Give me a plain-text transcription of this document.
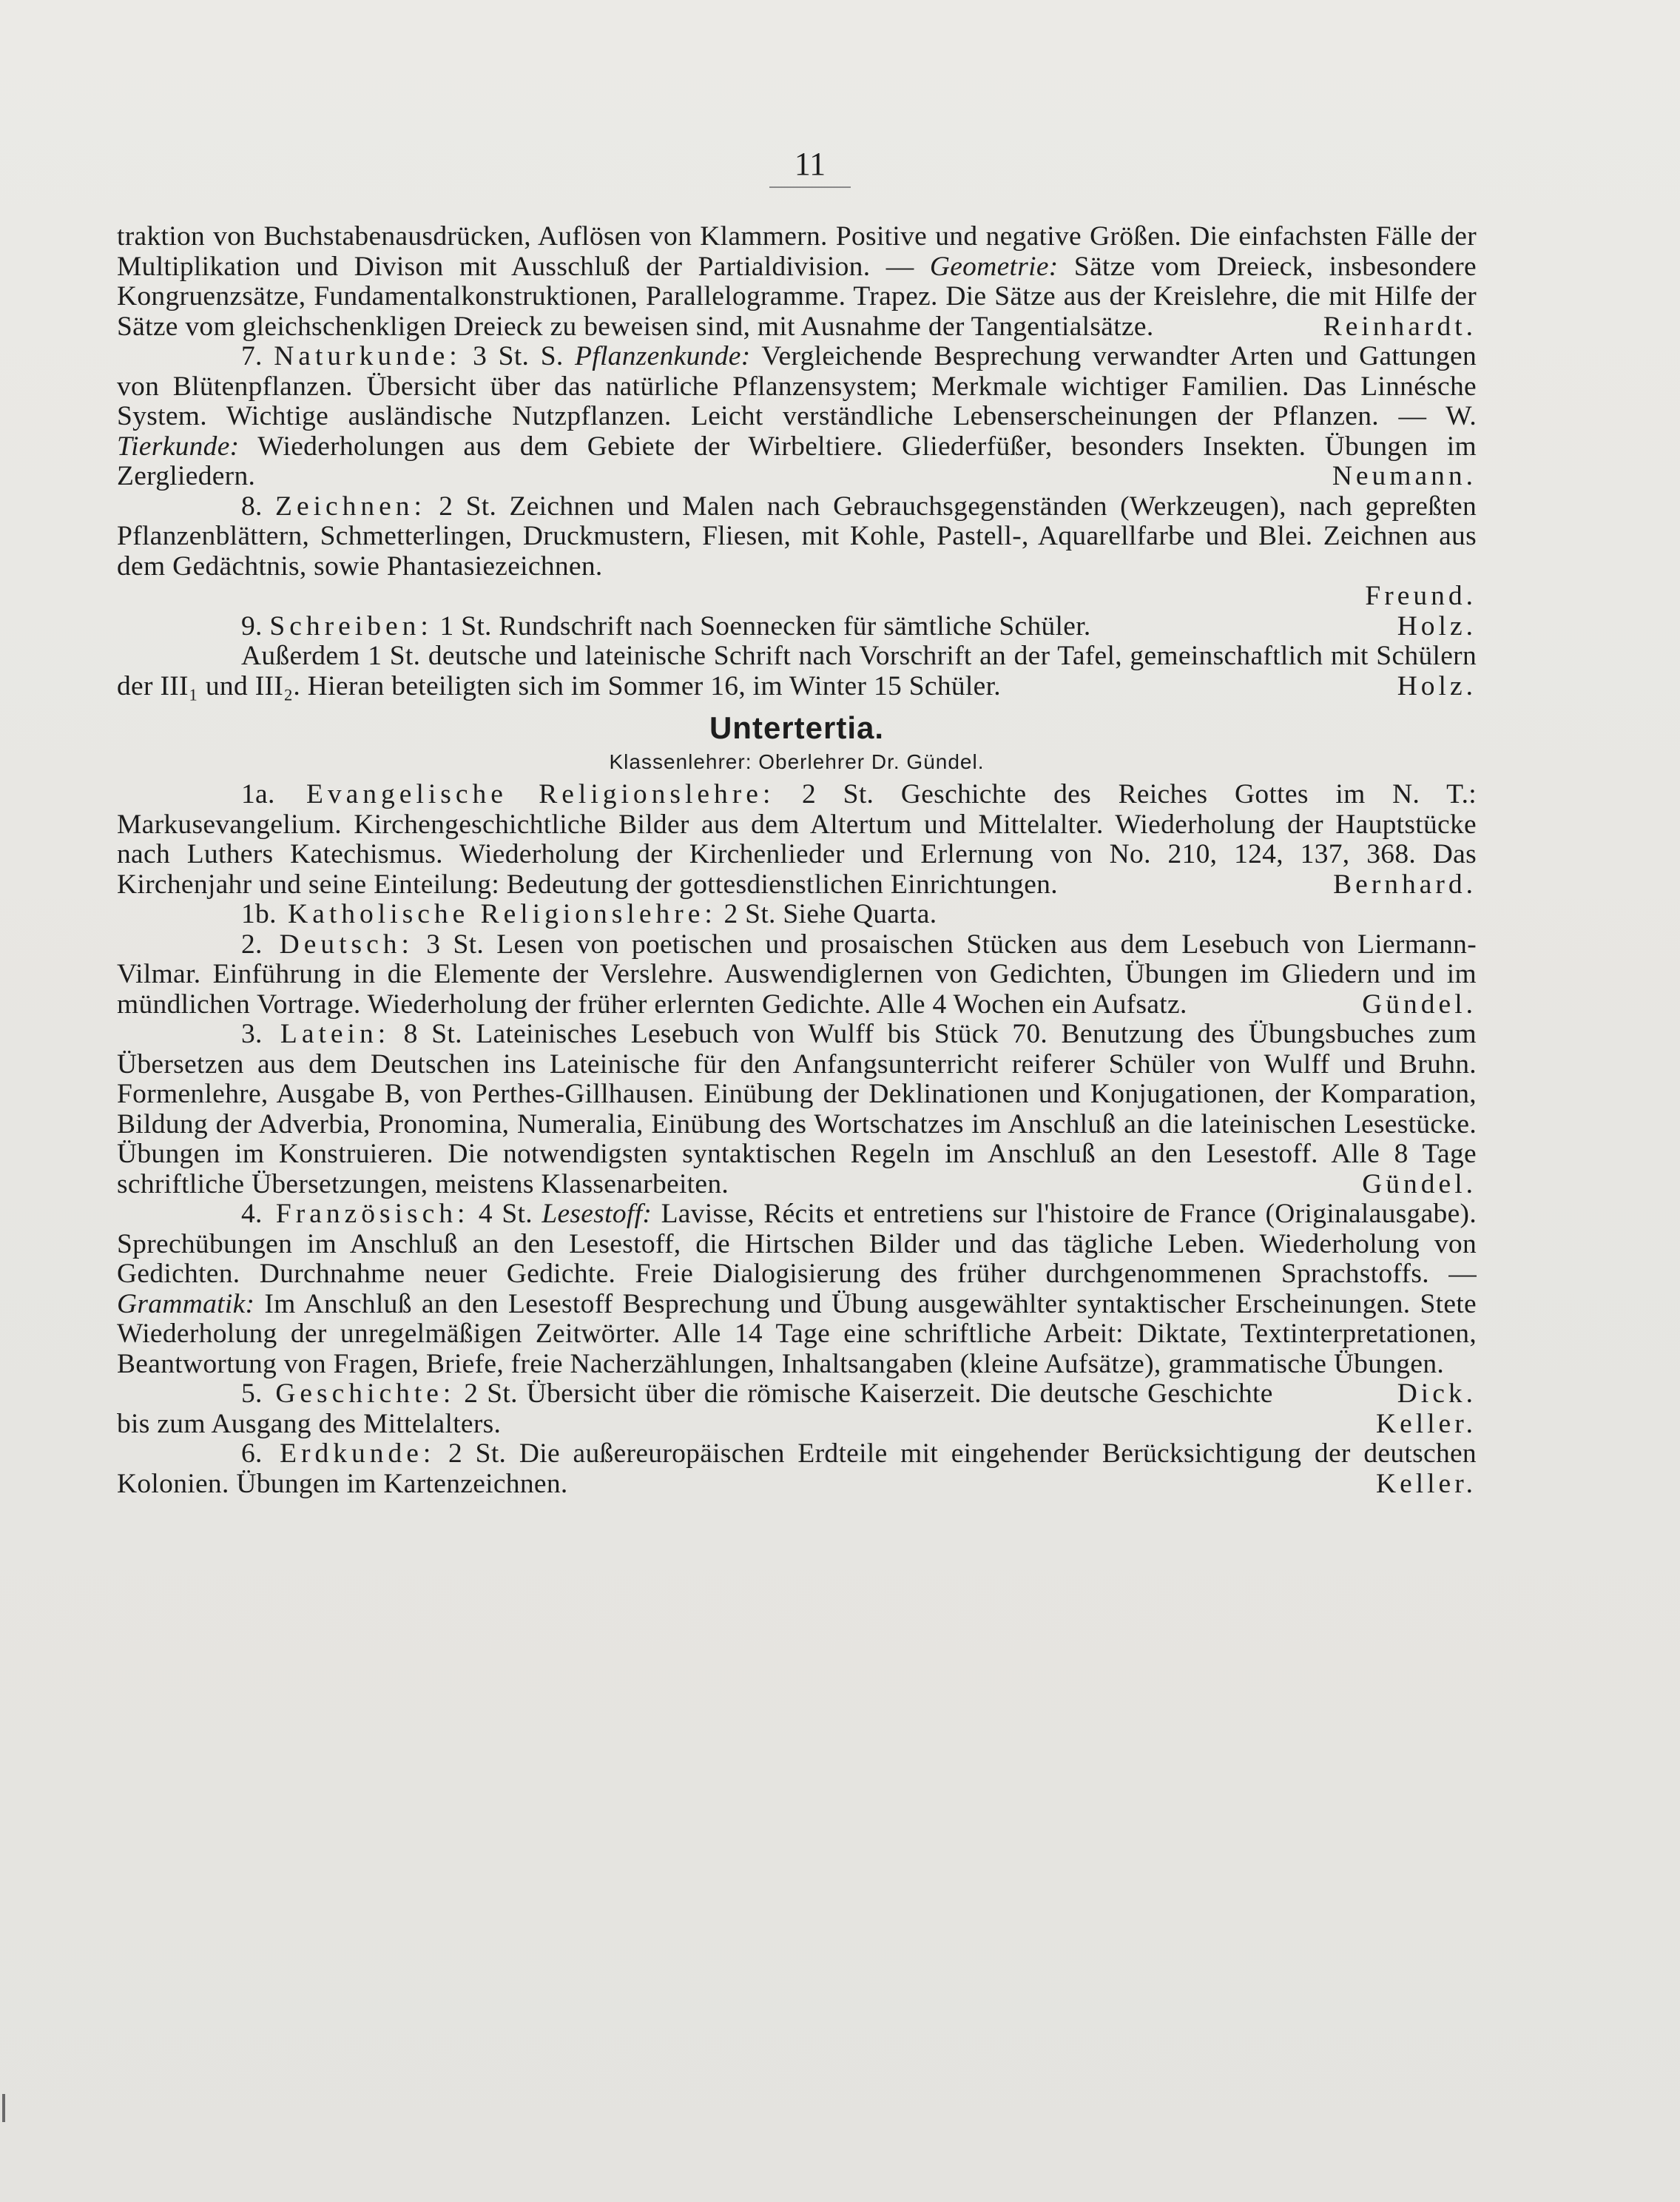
11

traktion von Buchstabenausdrücken, Auflösen von Klammern. Positive und negative Größen. Die einfachsten Fälle der Multiplikation und Divison mit Ausschluß der Partialdivision. — Geometrie: Sätze vom Dreieck, insbesondere Kongruenzsätze, Fundamentalkonstruktionen, Parallelogramme. Trapez. Die Sätze aus der Kreislehre, die mit Hilfe der Sätze vom gleichschenkligen Dreieck zu beweisen sind, mit Ausnahme der Tangentialsätze.	Reinhardt.

7. Naturkunde: 3 St. S. Pflanzenkunde: Vergleichende Besprechung verwandter Arten und Gattungen von Blütenpflanzen. Übersicht über das natürliche Pflanzensystem; Merkmale wichtiger Familien. Das Linnésche System. Wichtige ausländische Nutzpflanzen. Leicht verständliche Lebenserscheinungen der Pflanzen. — W. Tierkunde: Wiederholungen aus dem Gebiete der Wirbeltiere. Gliederfüßer, besonders Insekten. Übungen im Zergliedern.	Neumann.

8. Zeichnen: 2 St. Zeichnen und Malen nach Gebrauchsgegenständen (Werkzeugen), nach gepreßten Pflanzenblättern, Schmetterlingen, Druckmustern, Fliesen, mit Kohle, Pastell-, Aquarellfarbe und Blei. Zeichnen aus dem Gedächtnis, sowie Phantasiezeichnen.

Freund.

9. Schreiben: 1 St. Rundschrift nach Soennecken für sämtliche Schüler.	Holz.

Außerdem 1 St. deutsche und lateinische Schrift nach Vorschrift an der Tafel, gemeinschaftlich mit Schülern der III₁ und III₂. Hieran beteiligten sich im Sommer 16, im Winter 15 Schüler.	Holz.

Untertertia.
Klassenlehrer: Oberlehrer Dr. Gündel.

1a. Evangelische Religionslehre: 2 St. Geschichte des Reiches Gottes im N. T.: Markusevangelium. Kirchengeschichtliche Bilder aus dem Altertum und Mittelalter. Wiederholung der Hauptstücke nach Luthers Katechismus. Wiederholung der Kirchenlieder und Erlernung von No. 210, 124, 137, 368. Das Kirchenjahr und seine Einteilung: Bedeutung der gottesdienstlichen Einrichtungen.	Bernhard.

1b. Katholische Religionslehre: 2 St. Siehe Quarta.

2. Deutsch: 3 St. Lesen von poetischen und prosaischen Stücken aus dem Lesebuch von Liermann-Vilmar. Einführung in die Elemente der Verslehre. Auswendiglernen von Gedichten, Übungen im Gliedern und im mündlichen Vortrage. Wiederholung der früher erlernten Gedichte. Alle 4 Wochen ein Aufsatz.	Gündel.

3. Latein: 8 St. Lateinisches Lesebuch von Wulff bis Stück 70. Benutzung des Übungsbuches zum Übersetzen aus dem Deutschen ins Lateinische für den Anfangsunterricht reiferer Schüler von Wulff und Bruhn. Formenlehre, Ausgabe B, von Perthes-Gillhausen. Einübung der Deklinationen und Konjugationen, der Komparation, Bildung der Adverbia, Pronomina, Numeralia, Einübung des Wortschatzes im Anschluß an die lateinischen Lesestücke. Übungen im Konstruieren. Die notwendigsten syntaktischen Regeln im Anschluß an den Lesestoff. Alle 8 Tage schriftliche Übersetzungen, meistens Klassenarbeiten.	Gündel.

4. Französisch: 4 St. Lesestoff: Lavisse, Récits et entretiens sur l'histoire de France (Originalausgabe). Sprechübungen im Anschluß an den Lesestoff, die Hirtschen Bilder und das tägliche Leben. Wiederholung von Gedichten. Durchnahme neuer Gedichte. Freie Dialogisierung des früher durchgenommenen Sprachstoffs. — Grammatik: Im Anschluß an den Lesestoff Besprechung und Übung ausgewählter syntaktischer Erscheinungen. Stete Wiederholung der unregelmäßigen Zeitwörter. Alle 14 Tage eine schriftliche Arbeit: Diktate, Textinterpretationen, Beantwortung von Fragen, Briefe, freie Nacherzählungen, Inhaltsangaben (kleine Aufsätze), grammatische Übungen.
Dick.

5. Geschichte: 2 St. Übersicht über die römische Kaiserzeit. Die deutsche Geschichte bis zum Ausgang des Mittelalters.	Keller.

6. Erdkunde: 2 St. Die außereuropäischen Erdteile mit eingehender Berücksichtigung der deutschen Kolonien. Übungen im Kartenzeichnen.	Keller.
